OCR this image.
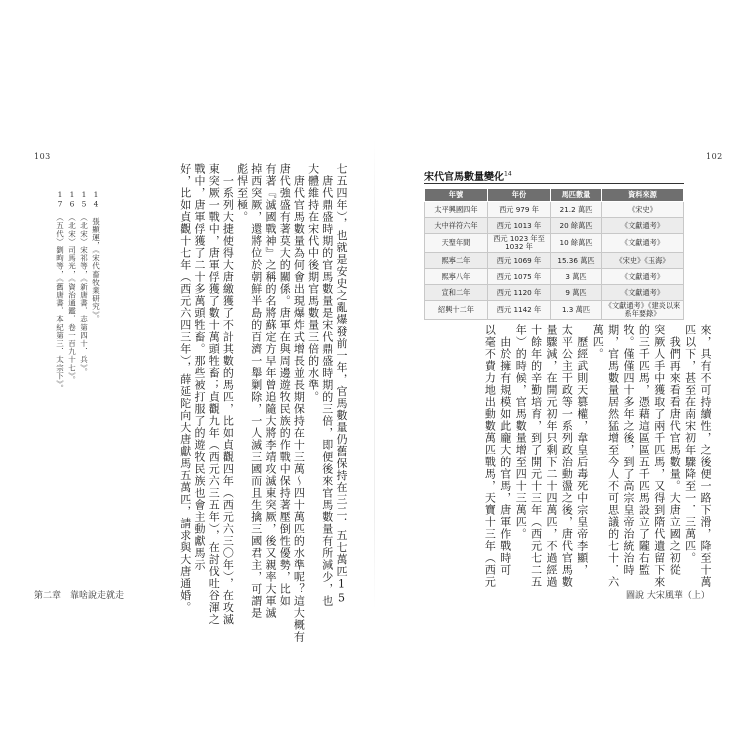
103
七五四年），也就是安史之亂爆發前一年，官馬數量仍舊保持在三二．五七萬匹15
　唐代鼎盛時期的官馬數量是宋代鼎盛時期的三倍，即便後來官馬數量有所減少，也
大體維持在宋代中後期官馬數量三倍的水準。
　唐代官馬數量為何會出現爆炸式增長並長期保持在十三萬～四十萬匹的水準呢？這大概有
唐代強盛有著莫大的關係。唐軍在與周邊遊牧民族的作戰中保持著壓倒性優勢，比如
有著『滅國戰神』之稱的名將蘇定方早年曾追隨大將李靖攻滅東突厥，後又親率大軍滅
掉西突厥，還將位於朝鮮半島的百濟一舉剿除，一人滅三國而且生擒三國君主，可謂是
彪悍至極。
　一系列大捷使得大唐繳獲了不計其數的馬匹，比如貞觀四年（西元六三〇年），在攻滅
東突厥一戰中，唐軍俘獲了數十萬頭牲畜；貞觀九年（西元六三五年），在討伐吐谷渾之
戰中，唐軍俘獲了二十多萬頭牲畜。那些被打服了的遊牧民族也會主動獻馬示
好，比如貞觀十七年（西元六四三年），薛延陀向大唐獻馬五萬匹，請求與大唐通婚。
14　張顯運，《宋代畜牧業研究》。
15　（北宋）宋祁等，《新唐書．志第四十．兵》。
16　（北宋）司馬光，《資治通鑑．卷一百九十七》。
17　（五代）劉昫等，《舊唐書．本紀第三．太宗下》。
第二章　靠啥說走就走
102
宋代官馬數量變化$^{14}$
年號	年份	馬匹數量	資料來源
太平興國四年	西元 979 年	21.2 萬匹	《宋史》
大中祥符六年	西元 1013 年	20 餘萬匹	《文獻通考》
天聖年間	西元 1023 年至 1032 年	10 餘萬匹	《文獻通考》
熙寧二年	西元 1069 年	15.36 萬匹	《宋史》《玉海》
熙寧八年	西元 1075 年	3 萬匹	《文獻通考》
宣和二年	西元 1120 年	9 萬匹	《文獻通考》
紹興十二年	西元 1142 年	1.3 萬匹	《文獻通考》《建炎以來系年要錄》
來，具有不可持續性，之後便一路下滑，降至十萬
匹以下，甚至在南宋初年驟降至一．三萬匹。
　我們再來看看唐代官馬數量。大唐立國之初從
突厥人手中獲取了兩千匹馬，又得到隋代遺留下來
的三千匹馬，憑藉這區區五千匹馬設立了隴右監
牧。僅僅四十多年之後，到了高宗皇帝治統治時
期，官馬數量居然猛增至今人不可思議的七十．六
萬匹。
　歷經武則天篡權，韋皇后毒死中宗皇帝李顯，
太平公主干政等一系列政治動盪之後，唐代官馬數
量驟減，在開元初年只剩下二十四萬匹，不過經過
十餘年的辛勤培育，到了開元十三年（西元七二五
年）的時候，官馬數量增至四十三萬匹。
　由於擁有規模如此龐大的官馬，唐軍作戰時可
以毫不費力地出動數萬匹戰馬，天寶十三年（西元
圖說 大宋風華（上）
